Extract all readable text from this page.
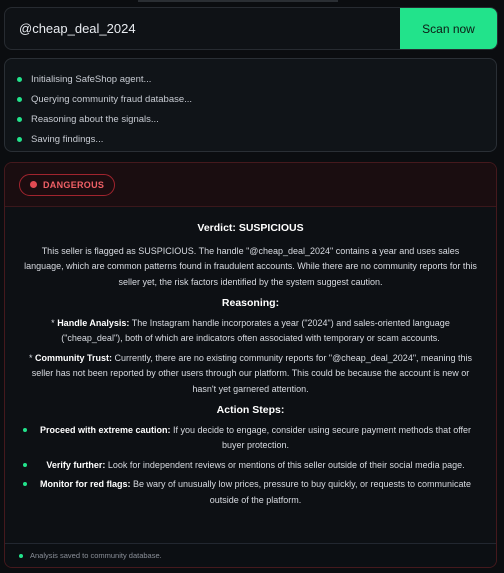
@cheap_deal_2024
Scan now
Initialising SafeShop agent...
Querying community fraud database...
Reasoning about the signals...
Saving findings...
DANGEROUS

Verdict: SUSPICIOUS

This seller is flagged as SUSPICIOUS. The handle "@cheap_deal_2024" contains a year and uses sales language, which are common patterns found in fraudulent accounts. While there are no community reports for this seller yet, the risk factors identified by the system suggest caution.

Reasoning:

* Handle Analysis: The Instagram handle incorporates a year ("2024") and sales-oriented language ("cheap_deal"), both of which are indicators often associated with temporary or scam accounts.

* Community Trust: Currently, there are no existing community reports for "@cheap_deal_2024", meaning this seller has not been reported by other users through our platform. This could be because the account is new or hasn't yet garnered attention.

Action Steps:

Proceed with extreme caution: If you decide to engage, consider using secure payment methods that offer buyer protection.

Verify further: Look for independent reviews or mentions of this seller outside of their social media page.

Monitor for red flags: Be wary of unusually low prices, pressure to buy quickly, or requests to communicate outside of the platform.

Analysis saved to community database.
